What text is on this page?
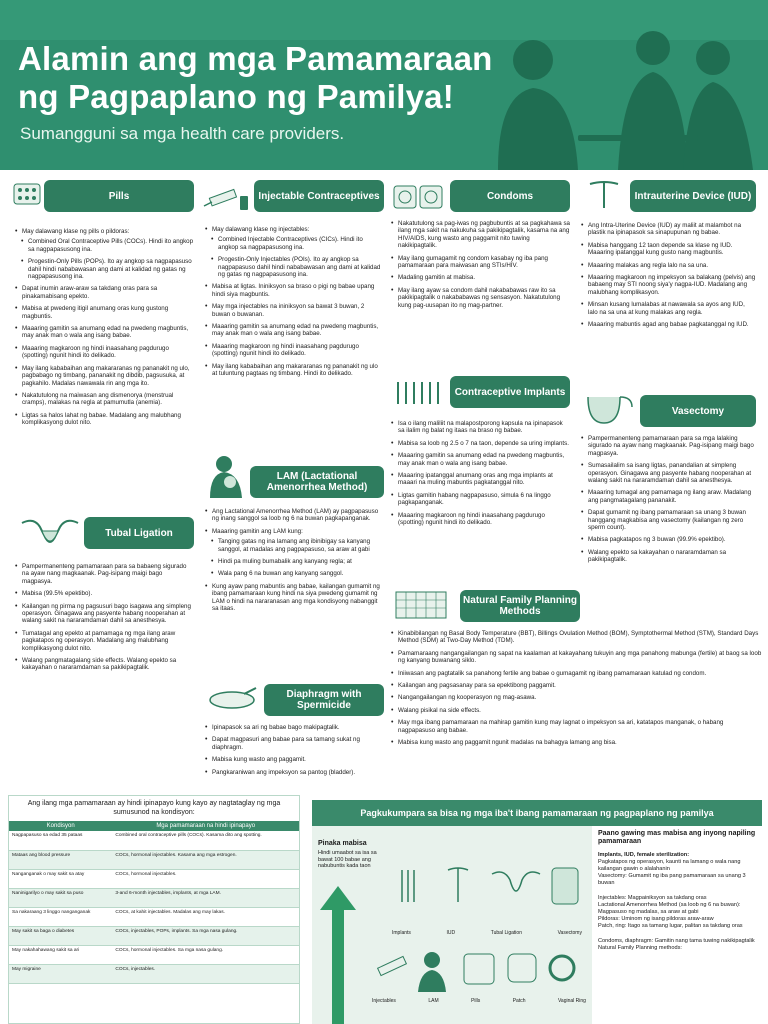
Alamin ang mga Pamamaraan
ng Pagpaplano ng Pamilya!
Sumangguni sa mga health care providers.
Pills
• May dalawang klase ng pills o pildoras:
• Combined Oral Contraceptive Pills (COCs). Hindi ito angkop sa nagpapasusong ina.
• Progestin-Only Pills (POPs). Ito ay angkop sa nagpapasuso dahil hindi nababawasan ang dami at kalidad ng gatas ng nagpapasusong ina.
• Dapat inumin araw-araw sa takdang oras para sa pinakamabisang epekto.
• Mabisa at pwedeng itigil anumang oras kung gustong magbuntis.
• Maaaring gamitin sa anumang edad na pwedeng magbuntis, may anak man o wala ang isang babae.
• Maaaring magkaroon ng hindi inaasahang pagdurugo (spotting) ngunit hindi ito delikado.
• May ilang kababaihan ang makararanas ng pananakit ng ulo, pagbabago ng timbang, pananakit ng dibdib, pagsusuka, at pagkahilo. Madalas nawawala rin ang mga ito.
• Nakatutulong na maiwasan ang dismenorya (menstrual cramps), malakas na regla at pamumutla (anemia).
• Ligtas sa halos lahat ng babae. Madalang ang malubhang komplikasyong dulot nito.
Tubal Ligation
• Pampermanenteng pamamaraan para sa babaeng sigurado na ayaw nang magkaanak. Pag-isipang maigi bago magpasya.
• Mabisa (99.5% epektibo).
• Kailangan ng pirma ng pagsusuri bago isagawa ang simpleng operasyon. Ginagawa ang pasyente habang nooperahan at walang sakit na nararamdaman dahil sa anesthesya.
• Tumatagal ang epekto at pamamaga ng mga ilang araw pagkatapos ng operasyon. Madalang ang malubhang komplikasyong dulot nito.
• Walang pangmatagalang side effects. Walang epekto sa kakayahan o nararamdaman sa pakikipagtalik.
Injectable Contraceptives
• May dalawang klase ng injectables:
• Combined Injectable Contraceptives (CICs). Hindi ito angkop sa nagpapasusong ina.
• Progestin-Only Injectables (POIs). Ito ay angkop sa nagpapasuso dahil hindi nababawasan ang dami at kalidad ng gatas ng nagpapasusong ina.
• Mabisa at ligtas. Ininiksyon sa braso o pigi ng babae upang hindi siya magbuntis.
• May mga injectables na ininiksyon sa bawat 3 buwan, 2 buwan o buwanan.
• Maaaring gamitin sa anumang edad na pwedeng magbuntis, may anak man o wala ang isang babae.
• Maaaring magkaroon ng hindi inaasahang pagdurugo (spotting) ngunit hindi ito delikado.
• May ilang kababaihan ang makararanas ng pananakit ng ulo at tuluntung pagtaas ng timbang. Hindi ito delikado.
LAM (Lactational Amenorrhea Method)
• Ang Lactational Amenorrhea Method (LAM) ay pagpapasuso ng inang sanggol sa loob ng 6 na buwan pagkapanganak.
• Maaaring gamitin ang LAM kung:
• Tanging gatas ng ina lamang ang ibinibigay sa kanyang sanggol, at madalas ang pagpapasuso, sa araw at gabi
• Hindi pa muling bumabalik ang kanyang regla; at
• Wala pang 6 na buwan ang kanyang sanggol.
• Kung ayaw pang mabuntis ang babae, kailangan gumamit ng ibang pamamaraan kung hindi na siya pwedeng gumamit ng LAM o hindi na nararanasan ang mga kondisyong nabanggit sa itaas.
Diaphragm with Spermicide
• Ipinapasok sa ari ng babae bago makipagtalik.
• Dapat magpasuri ang babae para sa tamang sukat ng diaphragm.
• Mabisa kung wasto ang paggamit.
• Pangkaraniwan ang impeksyon sa pantog (bladder).
Condoms
• Nakatutulong sa pag-iwas ng pagbubuntis at sa pagkahawa sa ilang mga sakit na nakukuha sa pakikipagtalik, kasama na ang HIV/AIDS, kung wasto ang paggamit nito tuwing nakikipagtalik.
• May ilang gumagamit ng condom kasabay ng iba pang pamamaraan para maiwasan ang STIs/HIV.
• Madaling gamitin at mabisa.
• May ilang ayaw sa condom dahil nakababawas raw ito sa pakikipagtalik o nakababawas ng sensasyon. Nakatutulong kung pag-uusapan ito ng mag-partner.
Contraceptive Implants
• Isa o ilang maliliit na malapostporong kapsula na ipinapasok sa ilalim ng balat ng itaas na braso ng babae.
• Mabisa sa loob ng 2.5 o 7 na taon, depende sa uring implants.
• Maaaring gamitin sa anumang edad na pwedeng magbuntis, may anak man o wala ang isang babae.
• Maaaring ipatanggal anumang oras ang mga implants at maaari na muling mabuntis pagkatanggal nito.
• Ligtas gamitin habang nagpapasuso, simula 6 na linggo pagkapanganak.
• Maaaring magkaroon ng hindi inaasahang pagdurugo (spotting) ngunit hindi ito delikado.
Natural Family Planning Methods
• Kinabibilangan ng Basal Body Temperature (BBT), Billings Ovulation Method (BOM), Symptothermal Method (STM), Standard Days Method (SDM) at Two-Day Method (TDM).
• Pamamaraang nangangailangan ng sapat na kaalaman at kakayahang tukuyin ang mga panahong mabunga (fertile) at baog sa loob ng kanyang buwanang siklo.
• Iniiwasan ang pagtatalik sa panahong fertile ang babae o gumagamit ng ibang pamamaraan katulad ng condom.
• Kailangan ang pagsasanay para sa epektibong paggamit.
• Nangangailangan ng kooperasyon ng mag-asawa.
• Walang pisikal na side effects.
• May mga ibang pamamaraan na mahirap gamitin kung may lagnat o impeksyon sa ari, katatapos manganak, o habang nagpapasuso ang babae.
• Mabisa kung wasto ang paggamit ngunit madalas na bahagya lamang ang bisa.
Intrauterine Device (IUD)
• Ang Intra-Uterine Device (IUD) ay maliit at malambot na plastik na ipinapasok sa sinapupunan ng babae.
• Mabisa hanggang 12 taon depende sa klase ng IUD. Maaaring ipatanggal kung gusto nang magbuntis.
• Maaaring malakas ang regla lalo na sa una.
• Maaaring magkaroon ng impeksyon sa balakang (pelvis) ang babaeng may STI noong siya'y nagpa-IUD. Madalang ang malubhang komplikasyon.
• Minsan kusang lumalabas at nawawala sa ayos ang IUD, lalo na sa una at kung malakas ang regla.
• Maaaring mabuntis agad ang babae pagkatanggal ng IUD.
Vasectomy
• Pampermanenteng pamamaraan para sa mga lalaking sigurado na ayaw nang magkaanak. Pag-isipang maigi bago magpasya.
• Sumasailalim sa isang ligtas, panandalian at simpleng operasyon. Ginagawa ang pasyente habang nooperahan at walang sakit na nararamdaman dahil sa anesthesya.
• Maaaring tumagal ang pamamaga ng ilang araw. Madalang ang pangmatagalang pananakit.
• Dapat gumamit ng ibang pamamaraan sa unang 3 buwan hanggang magkabisa ang vasectomy (kailangan ng zero sperm count).
• Mabisa pagkatapos ng 3 buwan (99.9% epektibo).
• Walang epekto sa kakayahan o nararamdaman sa pakikipagtalik.
Ang ilang mga pamamaraan ay hindi ipinapayo kung kayo ay nagtataglay ng mga sumusunod na kondisyon:
Kondisyon	Mga pamamaraan na hindi ipinapayo
Nagpapasuso sa edad 35 pataas	Combined oral contraceptive pills (COCs). Kasama dito ang spotting.
Mataas ang blood pressure	COCs, hormonal injectables. Kasama ang mga estrogen.
Nanganganak o may sakit sa atay	COCs, hormonal injectables.
Naninigarilyo o may sakit sa puso	3-and 6-month injectables, implants, at mga LAM.
Sa nakaraang 3 linggo nanganganak	COCs, at kahit injectables. Madalas ang may lakas.
May sakit sa baga o diabetes	COCs, injectables, POPs, implants. Sa mga nasa gulang.
May nakahahawang sakit sa ari	COCs, hormonal injectables. Sa mga nasa gulang.
May migraine	COCs, injectables.
Pagkukumpara sa bisa ng mga iba't ibang pamamaraan ng pagpaplano ng pamilya
Pinaka mabisa
Hindi umaabot sa isa sa bawat 100 babae ang nabubuntis kada taon
Implants	IUD	Tubal Ligation	Vasectomy
Injectables	LAM	Pills	Patch	Vaginal Ring
Paano gawing mas mabisa ang inyong napiling pamamaraan
Implants, IUD, female sterilization:
Pagkatapos ng operasyon, kaunti na lamang o wala nang kailangan gawin o alalahanin
Vasectomy: Gumamit ng iba pang pamamaraan sa unang 3 buwan
Injectables: Magpainiksyon sa takdang oras
Lactational Amenorrhea Method (sa loob ng 6 na buwan): Magpasuso ng madalas, sa araw at gabi
Pildoras: Uminom ng isang pildoras araw-araw
Patch, ring: Itago sa tamang lugar, palitan sa takdang oras
Condoms, diaphragm: Gamitin nang tama tuwing nakikipagtalik
Natural Family Planning methods:
